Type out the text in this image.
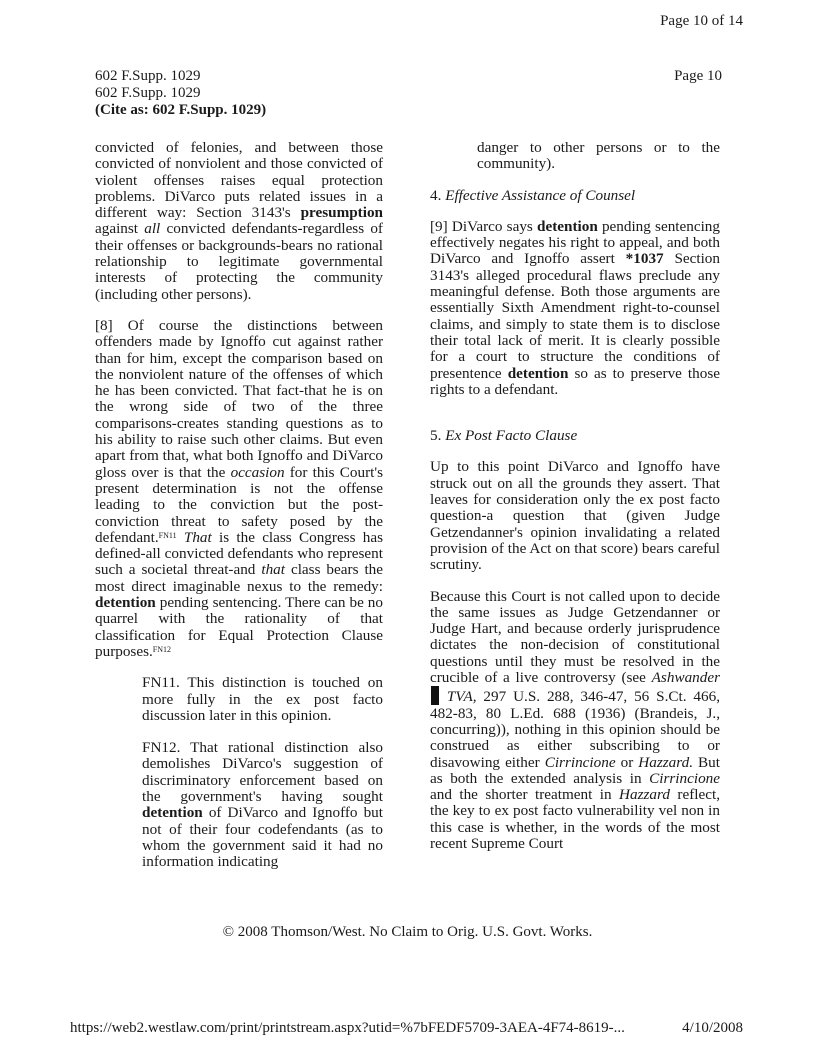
Page 10 of 14
602 F.Supp. 1029
602 F.Supp. 1029
(Cite as: 602 F.Supp. 1029)
Page 10

convicted of felonies, and between those convicted of nonviolent and those convicted of violent offenses raises equal protection problems. DiVarco puts related issues in a different way: Section 3143's presumption against all convicted defendants-regardless of their offenses or backgrounds-bears no rational relationship to legitimate governmental interests of protecting the community (including other persons).

[8] Of course the distinctions between offenders made by Ignoffo cut against rather than for him, except the comparison based on the nonviolent nature of the offenses of which he has been convicted. That fact-that he is on the wrong side of two of the three comparisons-creates standing questions as to his ability to raise such other claims. But even apart from that, what both Ignoffo and DiVarco gloss over is that the occasion for this Court's present determination is not the offense leading to the conviction but the post-conviction threat to safety posed by the defendant.$^{FN11}$ That is the class Congress has defined-all convicted defendants who represent such a societal threat-and that class bears the most direct imaginable nexus to the remedy: detention pending sentencing. There can be no quarrel with the rationality of that classification for Equal Protection Clause purposes.$^{FN12}$

FN11. This distinction is touched on more fully in the ex post facto discussion later in this opinion.

FN12. That rational distinction also demolishes DiVarco's suggestion of discriminatory enforcement based on the government's having sought detention of DiVarco and Ignoffo but not of their four codefendants (as to whom the government said it had no information indicating

danger to other persons or to the community).

4. Effective Assistance of Counsel

[9] DiVarco says detention pending sentencing effectively negates his right to appeal, and both DiVarco and Ignoffo assert *1037 Section 3143's alleged procedural flaws preclude any meaningful defense. Both those arguments are essentially Sixth Amendment right-to-counsel claims, and simply to state them is to disclose their total lack of merit. It is clearly possible for a court to structure the conditions of presentence detention so as to preserve those rights to a defendant.

5. Ex Post Facto Clause

Up to this point DiVarco and Ignoffo have struck out on all the grounds they assert. That leaves for consideration only the ex post facto question-a question that (given Judge Getzendanner's opinion invalidating a related provision of the Act on that score) bears careful scrutiny.

Because this Court is not called upon to decide the same issues as Judge Getzendanner or Judge Hart, and because orderly jurisprudence dictates the non-decision of constitutional questions until they must be resolved in the crucible of a live controversy (see Ashwander  TVA, 297 U.S. 288, 346-47, 56 S.Ct. 466, 482-83, 80 L.Ed. 688 (1936) (Brandeis, J., concurring)), nothing in this opinion should be construed as either subscribing to or disavowing either Cirrincione or Hazzard. But as both the extended analysis in Cirrincione and the shorter treatment in Hazzard reflect, the key to ex post facto vulnerability vel non in this case is whether, in the words of the most recent Supreme Court

© 2008 Thomson/West. No Claim to Orig. U.S. Govt. Works.
https://web2.westlaw.com/print/printstream.aspx?utid=%7bFEDF5709-3AEA-4F74-8619-...	4/10/2008
